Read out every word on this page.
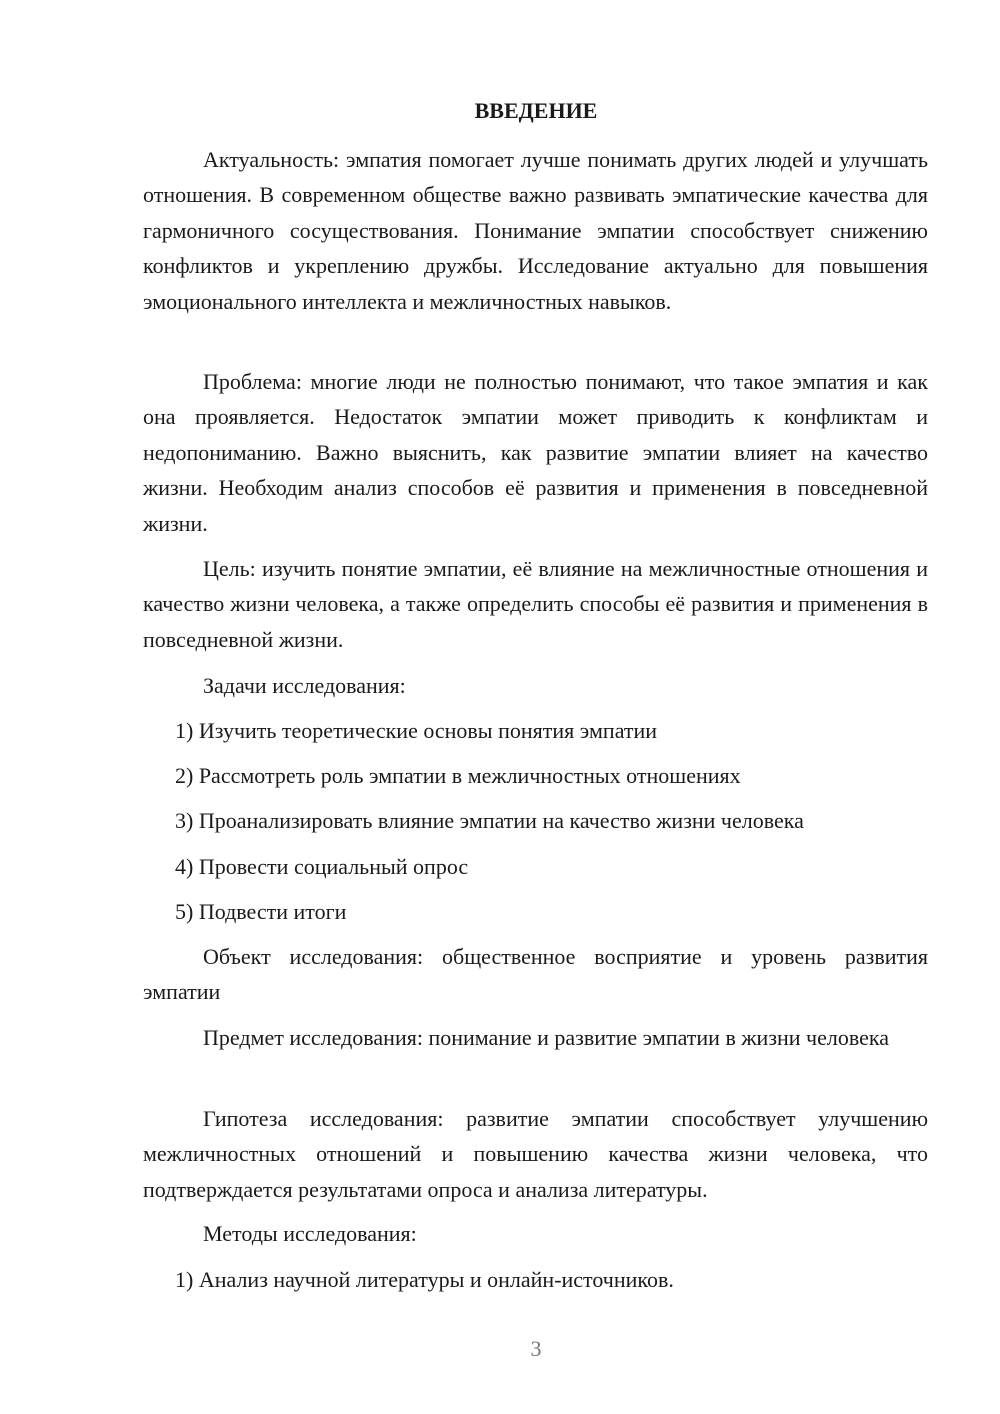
ВВЕДЕНИЕ

Актуальность: эмпатия помогает лучше понимать других людей и улучшать отношения. В современном обществе важно развивать эмпатические качества для гармоничного сосуществования. Понимание эмпатии способствует снижению конфликтов и укреплению дружбы. Исследование актуально для повышения эмоционального интеллекта и межличностных навыков.

Проблема: многие люди не полностью понимают, что такое эмпатия и как она проявляется. Недостаток эмпатии может приводить к конфликтам и недопониманию. Важно выяснить, как развитие эмпатии влияет на качество жизни. Необходим анализ способов её развития и применения в повседневной жизни.

Цель: изучить понятие эмпатии, её влияние на межличностные отношения и качество жизни человека, а также определить способы её развития и применения в повседневной жизни.

Задачи исследования:

1) Изучить теоретические основы понятия эмпатии

2) Рассмотреть роль эмпатии в межличностных отношениях

3) Проанализировать влияние эмпатии на качество жизни человека

4) Провести социальный опрос

5) Подвести итоги

Объект исследования: общественное восприятие и уровень развития эмпатии

Предмет исследования: понимание и развитие эмпатии в жизни человека

Гипотеза исследования: развитие эмпатии способствует улучшению межличностных отношений и повышению качества жизни человека, что подтверждается результатами опроса и анализа литературы.

Методы исследования:

1) Анализ научной литературы и онлайн-источников.

3
